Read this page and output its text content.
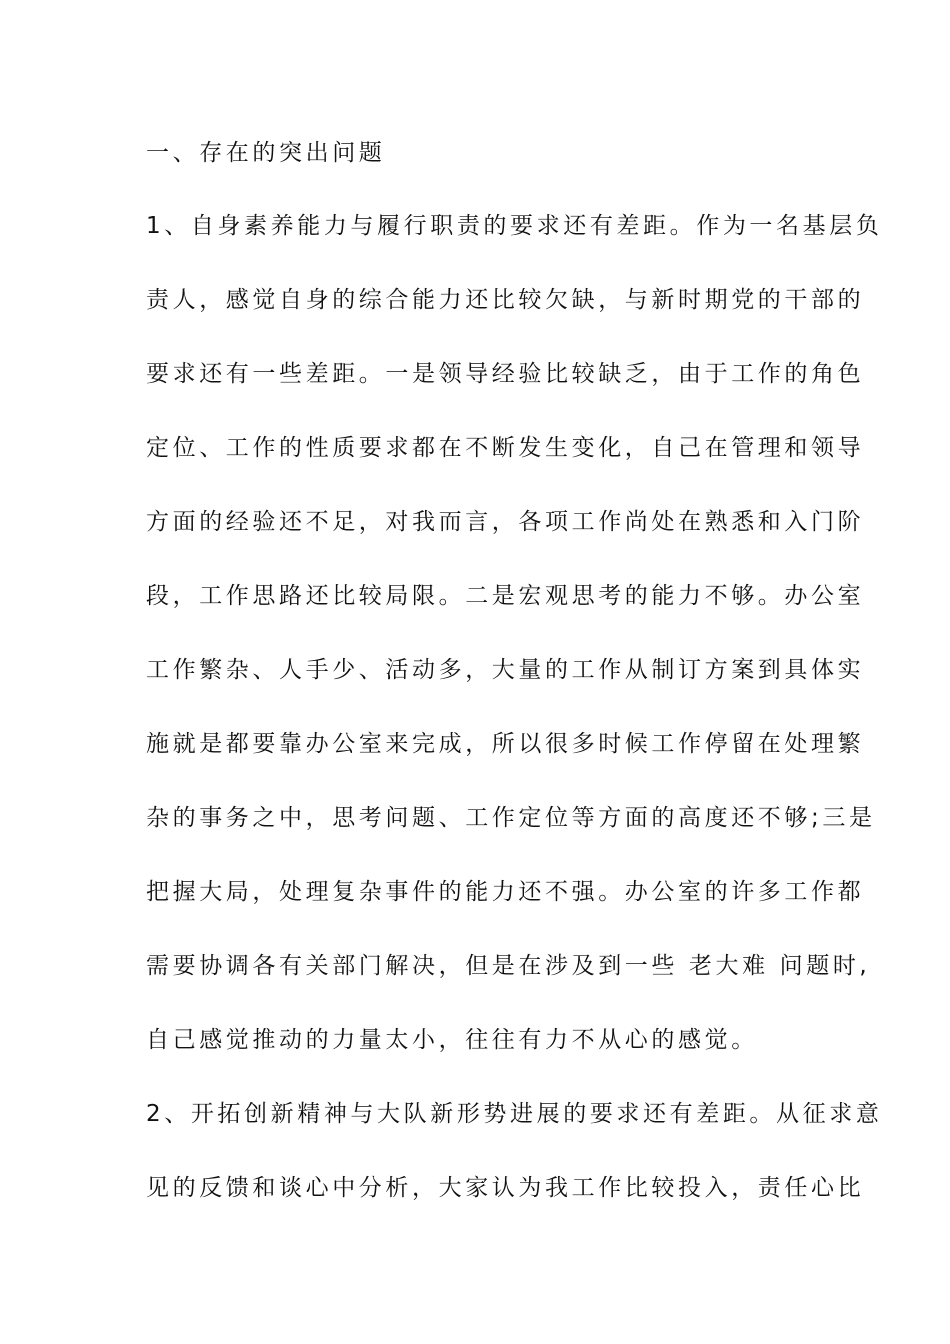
一、存在的突出问题
1、自身素养能力与履行职责的要求还有差距。作为一名基层负
责人，感觉自身的综合能力还比较欠缺，与新时期党的干部的
要求还有一些差距。一是领导经验比较缺乏，由于工作的角色
定位、工作的性质要求都在不断发生变化，自己在管理和领导
方面的经验还不足，对我而言，各项工作尚处在熟悉和入门阶
段，工作思路还比较局限。二是宏观思考的能力不够。办公室
工作繁杂、人手少、活动多，大量的工作从制订方案到具体实
施就是都要靠办公室来完成，所以很多时候工作停留在处理繁
杂的事务之中，思考问题、工作定位等方面的高度还不够;三是
把握大局，处理复杂事件的能力还不强。办公室的许多工作都
需要协调各有关部门解决，但是在涉及到一些 老大难 问题时,
自己感觉推动的力量太小，往往有力不从心的感觉。
2、开拓创新精神与大队新形势进展的要求还有差距。从征求意
见的反馈和谈心中分析，大家认为我工作比较投入，责任心比
